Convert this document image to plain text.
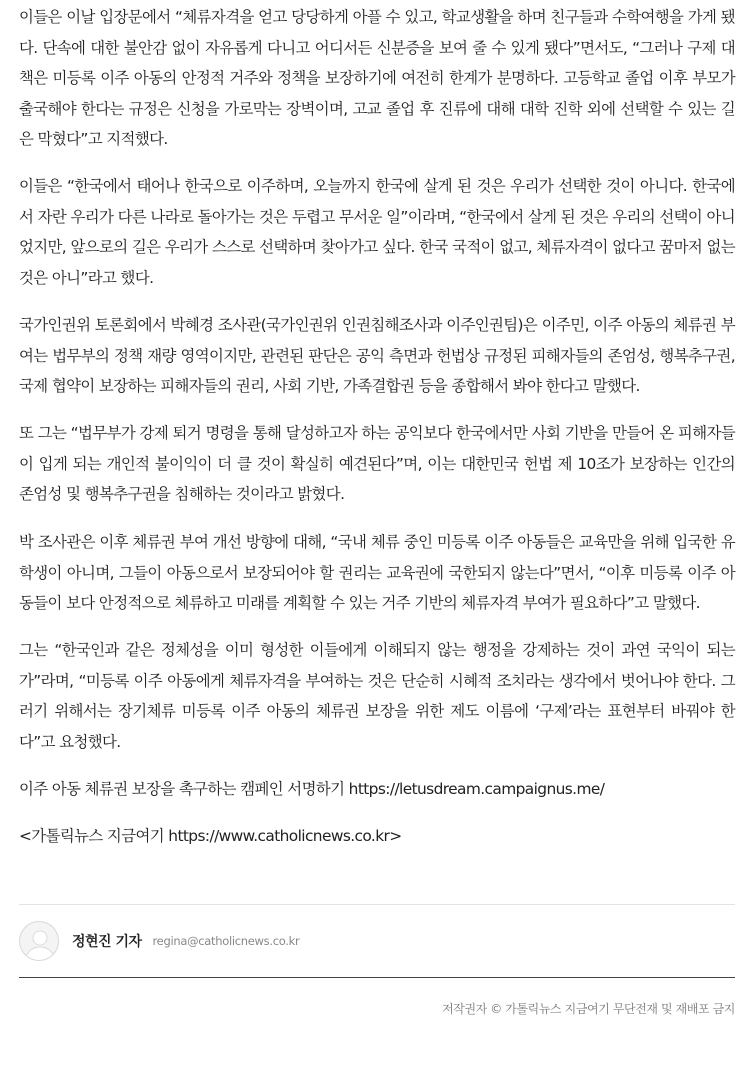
이들은 이날 입장문에서 “체류자격을 얻고 당당하게 아플 수 있고, 학교생활을 하며 친구들과 수학여행을 가게 됐다. 단속에 대한 불안감 없이 자유롭게 다니고 어디서든 신분증을 보여 줄 수 있게 됐다”면서도, “그러나 구제 대책은 미등록 이주 아동의 안정적 거주와 정책을 보장하기에 여전히 한계가 분명하다. 고등학교 졸업 이후 부모가 출국해야 한다는 규정은 신청을 가로막는 장벽이며, 고교 졸업 후 진류에 대해 대학 진학 외에 선택할 수 있는 길은 막혔다”고 지적했다.

이들은 “한국에서 태어나 한국으로 이주하며, 오늘까지 한국에 살게 된 것은 우리가 선택한 것이 아니다. 한국에서 자란 우리가 다른 나라로 돌아가는 것은 두렵고 무서운 일”이라며, “한국에서 살게 된 것은 우리의 선택이 아니었지만, 앞으로의 길은 우리가 스스로 선택하며 찾아가고 싶다. 한국 국적이 없고, 체류자격이 없다고 꿈마저 없는 것은 아니”라고 했다.

국가인권위 토론회에서 박혜경 조사관(국가인권위 인권침해조사과 이주인권팀)은 이주민, 이주 아동의 체류권 부여는 법무부의 정책 재량 영역이지만, 관련된 판단은 공익 측면과 헌법상 규정된 피해자들의 존엄성, 행복추구권, 국제 협약이 보장하는 피해자들의 권리, 사회 기반, 가족결합권 등을 종합해서 봐야 한다고 말했다.

또 그는 “법무부가 강제 퇴거 명령을 통해 달성하고자 하는 공익보다 한국에서만 사회 기반을 만들어 온 피해자들이 입게 되는 개인적 불이익이 더 클 것이 확실히 예견된다”며, 이는 대한민국 헌법 제 10조가 보장하는 인간의 존엄성 및 행복추구권을 침해하는 것이라고 밝혔다.

박 조사관은 이후 체류권 부여 개선 방향에 대해, “국내 체류 중인 미등록 이주 아동들은 교육만을 위해 입국한 유학생이 아니며, 그들이 아동으로서 보장되어야 할 권리는 교육권에 국한되지 않는다”면서, “이후 미등록 이주 아동들이 보다 안정적으로 체류하고 미래를 계획할 수 있는 거주 기반의 체류자격 부여가 필요하다”고 말했다.

그는 “한국인과 같은 정체성을 이미 형성한 이들에게 이해되지 않는 행정을 강제하는 것이 과연 국익이 되는가”라며, “미등록 이주 아동에게 체류자격을 부여하는 것은 단순히 시혜적 조치라는 생각에서 벗어나야 한다. 그러기 위해서는 장기체류 미등록 이주 아동의 체류권 보장을 위한 제도 이름에 ‘구제’라는 표현부터 바꿔야 한다”고 요청했다.

이주 아동 체류권 보장을 촉구하는 캠페인 서명하기 https://letusdream.campaignus.me/

<가톨릭뉴스 지금여기 https://www.catholicnews.co.kr>

정현진 기자 regina@catholicnews.co.kr
저작권자 © 가톨릭뉴스 지금여기 무단전재 및 재배포 금지
